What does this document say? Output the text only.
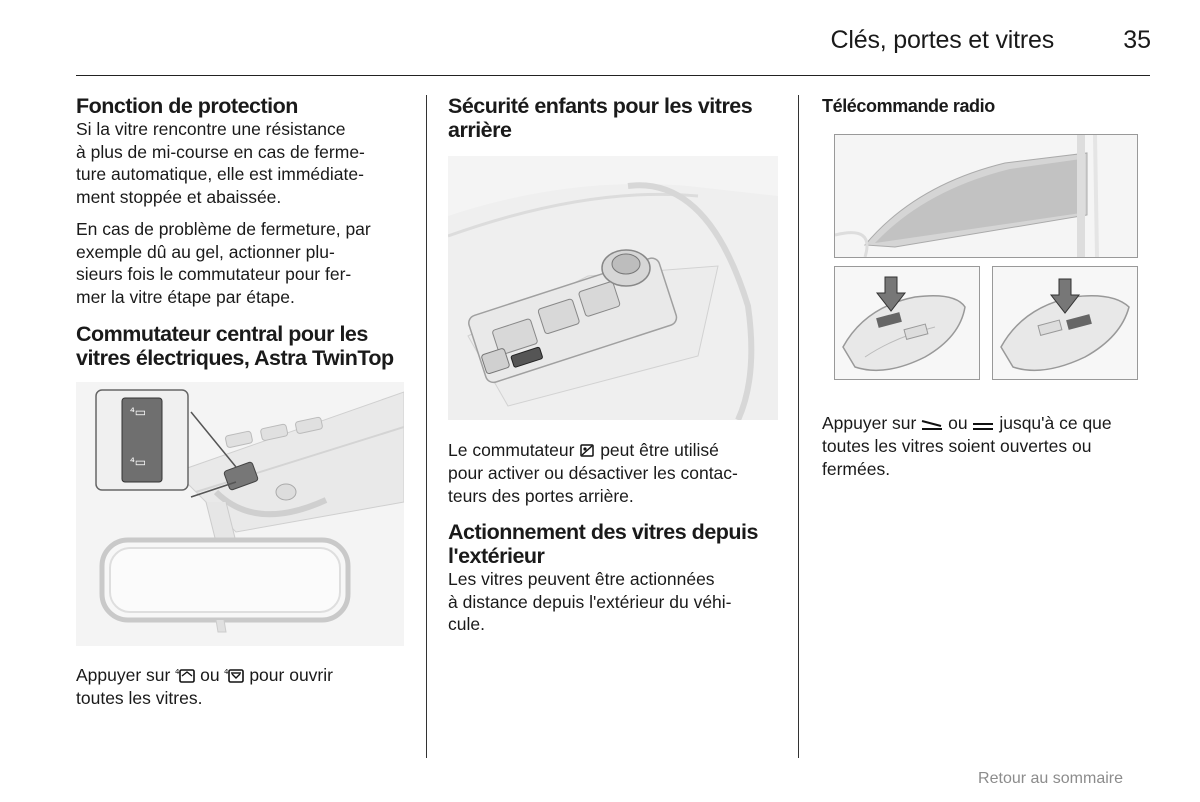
Clés, portes et vitres	35
Fonction de protection

Si la vitre rencontre une résistance
à plus de mi-course en cas de ferme-
ture automatique, elle est immédiate-
ment stoppée et abaissée.

En cas de problème de fermeture, par
exemple dû au gel, actionner plu-
sieurs fois le commutateur pour fer-
mer la vitre étape par étape.

Commutateur central pour les
vitres électriques, Astra TwinTop
⁴▭
⁴▭

Appuyer sur 4 ou 4 pour ouvrir
toutes les vitres.

Sécurité enfants pour les vitres
arrière

Le commutateur peut être utilisé
pour activer ou désactiver les contac-
teurs des portes arrière.

Actionnement des vitres depuis
l'extérieur

Les vitres peuvent être actionnées
à distance depuis l'extérieur du véhi-
cule.

Télécommande radio

Appuyer sur ou jusqu'à ce que
toutes les vitres soient ouvertes ou
fermées.

Retour au sommaire
